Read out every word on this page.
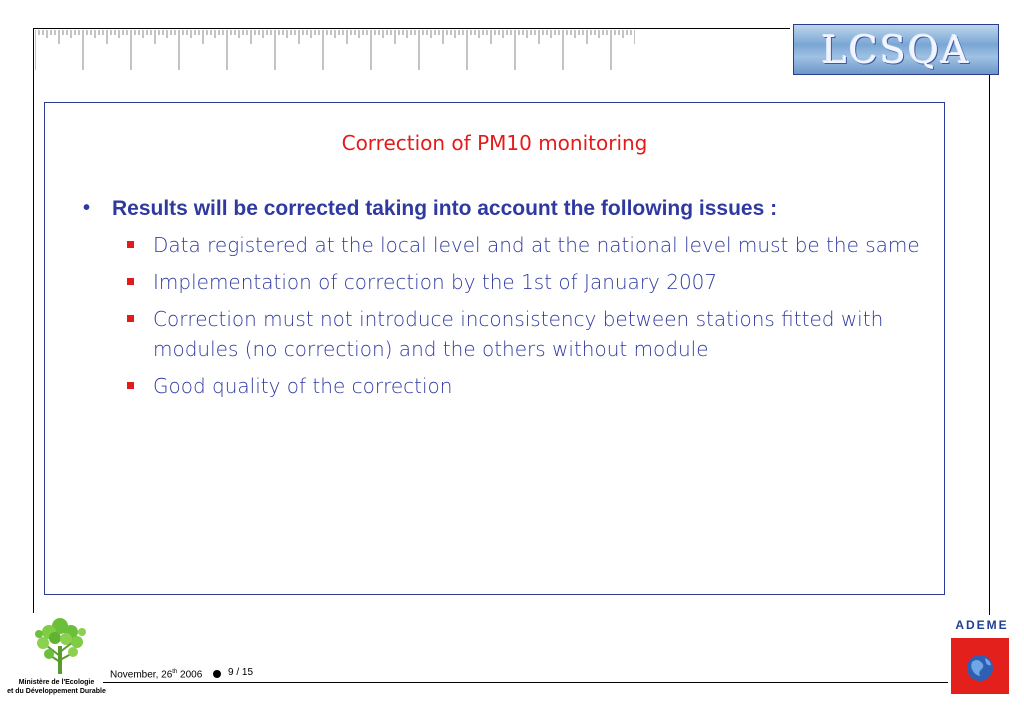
LCSQA
Correction of PM10 monitoring
• Results will be corrected taking into account the following issues :
Data registered at the local level and at the national level must be the same
Implementation of correction by the 1st of January 2007
Correction must not introduce inconsistency between stations fitted with modules (no correction) and the others without module
Good quality of the correction
Ministère de l'Ecologie
et du Développement Durable
November, 26th 2006	9 / 15
ADEME
